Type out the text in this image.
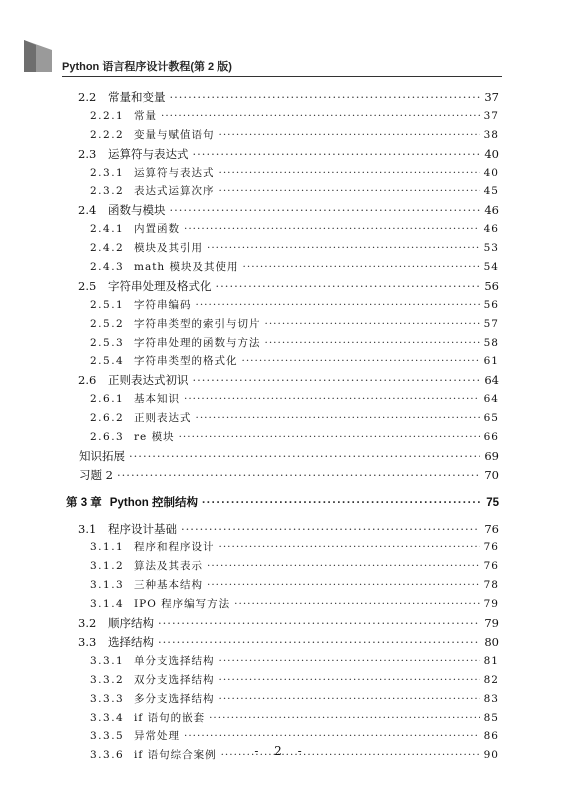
Python 语言程序设计教程(第 2 版)
2.2	常量和变量 ·····	37
2.2.1 常量 ·····	37
2.2.2 变量与赋值语句 ·····	38
2.3	运算符与表达式 ·····	40
2.3.1 运算符与表达式 ·····	40
2.3.2 表达式运算次序 ·····	45
2.4	函数与模块 ·····	46
2.4.1 内置函数 ·····	46
2.4.2 模块及其引用 ·····	53
2.4.3 math 模块及其使用 ·····	54
2.5	字符串处理及格式化 ·····	56
2.5.1 字符串编码 ·····	56
2.5.2 字符串类型的索引与切片 ·····	57
2.5.3 字符串处理的函数与方法 ·····	58
2.5.4 字符串类型的格式化 ·····	61
2.6	正则表达式初识 ·····	64
2.6.1 基本知识 ·····	64
2.6.2 正则表达式 ·····	65
2.6.3 re 模块 ·····	66
知识拓展 ·····	69
习题 2 ·····	70
第 3 章 Python 控制结构 ·····	75
3.1	程序设计基础 ·····	76
3.1.1 程序和程序设计 ·····	76
3.1.2 算法及其表示 ·····	76
3.1.3 三种基本结构 ·····	78
3.1.4 IPO 程序编写方法 ·····	79
3.2	顺序结构 ·····	79
3.3	选择结构 ·····	80
3.3.1 单分支选择结构 ·····	81
3.3.2 双分支选择结构 ·····	82
3.3.3 多分支选择结构 ·····	83
3.3.4 if 语句的嵌套 ·····	85
3.3.5 异常处理 ·····	86
3.3.6 if 语句综合案例 ·····	90
- 2 -
